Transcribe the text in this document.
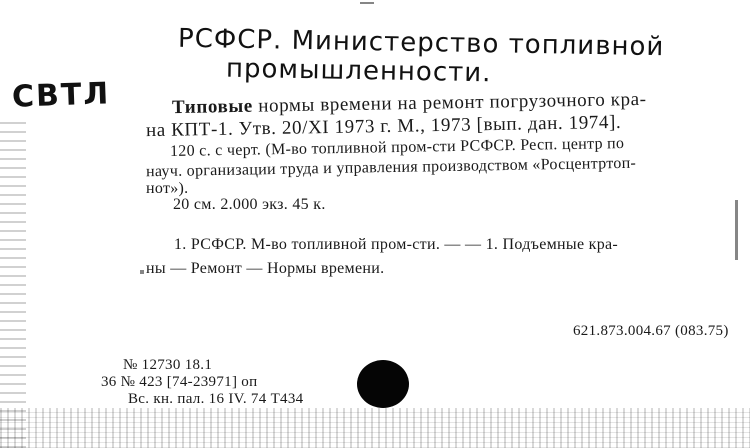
РСФСР. Министерство топливной
промышленности.
СВТЛ	Типовые нормы времени на ремонт погрузочного кра-
на КПТ-1. Утв. 20/XI 1973 г. М., 1973 [вып. дан. 1974].
120 с. с черт. (М-во топливной пром-сти РСФСР. Респ. центр по
науч. организации труда и управления производством «Росцентртоп-
нот»).
20 см. 2.000 экз. 45 к.
1. РСФСР. М-во топливной пром-сти. — — 1. Подъемные кра-
ны — Ремонт — Нормы времени.
621.873.004.67 (083.75)
№ 12730 18.1
36 № 423 [74-23971] оп
Вс. кн. пал. 16 IV. 74 Т434
